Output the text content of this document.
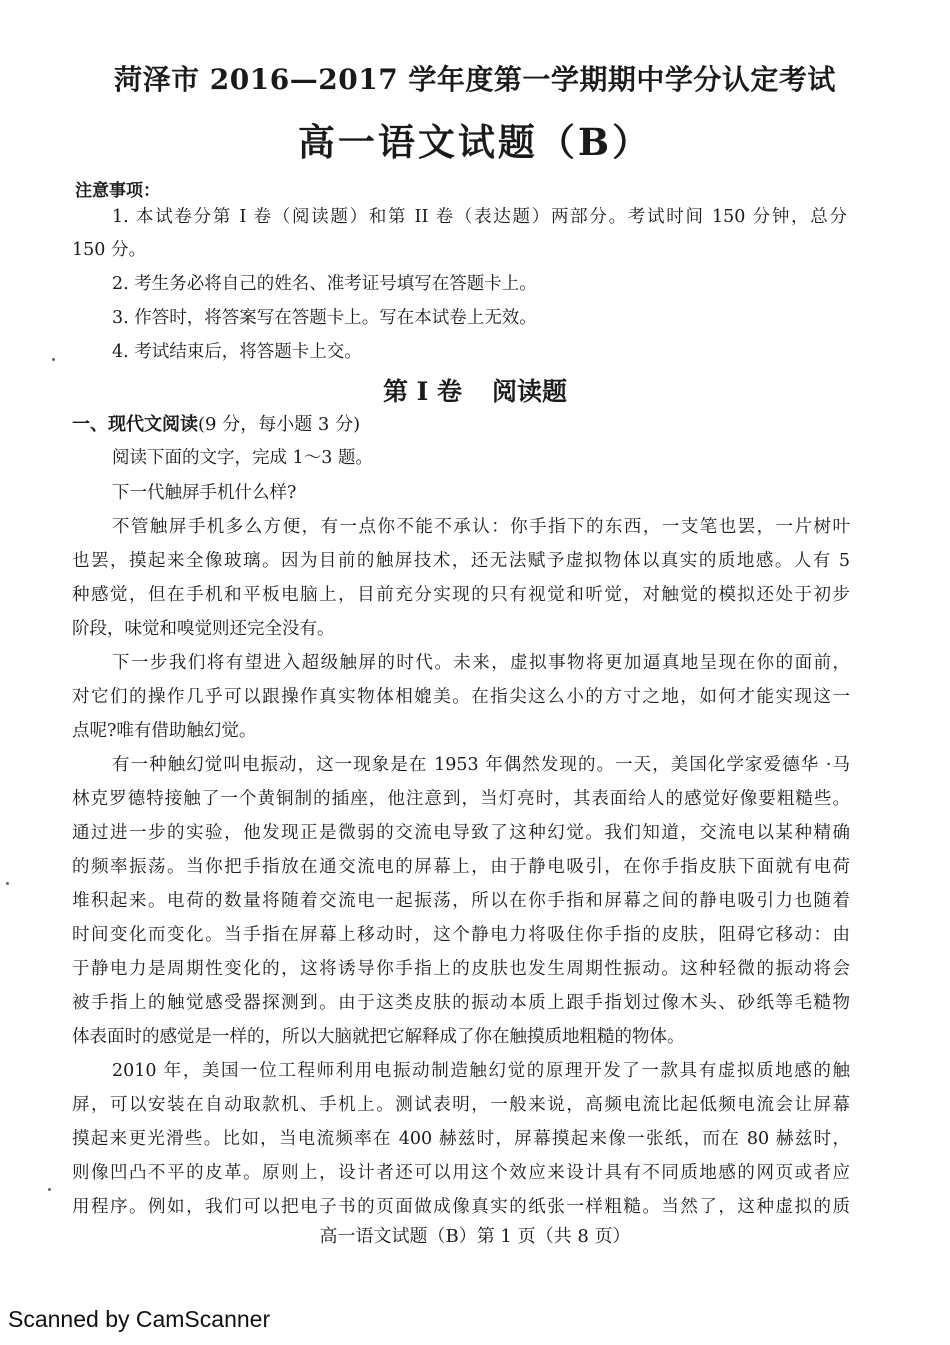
菏泽市 2016—2017 学年度第一学期期中学分认定考试
高一语文试题（B）
注意事项：
1. 本试卷分第 I 卷（阅读题）和第 II 卷（表达题）两部分。考试时间 150 分钟，总分
150 分。
2. 考生务必将自己的姓名、准考证号填写在答题卡上。
3. 作答时，将答案写在答题卡上。写在本试卷上无效。
4. 考试结束后，将答题卡上交。
第 I 卷 阅读题
一、现代文阅读(9 分，每小题 3 分)
阅读下面的文字，完成 1～3 题。
下一代触屏手机什么样?
不管触屏手机多么方便，有一点你不能不承认：你手指下的东西，一支笔也罢，一片树叶
也罢，摸起来全像玻璃。因为目前的触屏技术，还无法赋予虚拟物体以真实的质地感。人有 5
种感觉，但在手机和平板电脑上，目前充分实现的只有视觉和听觉，对触觉的模拟还处于初步
阶段，味觉和嗅觉则还完全没有。
下一步我们将有望进入超级触屏的时代。未来，虚拟事物将更加逼真地呈现在你的面前，
对它们的操作几乎可以跟操作真实物体相媲美。在指尖这么小的方寸之地，如何才能实现这一
点呢?唯有借助触幻觉。
有一种触幻觉叫电振动，这一现象是在 1953 年偶然发现的。一天，美国化学家爱德华 ·马
林克罗德特接触了一个黄铜制的插座，他注意到，当灯亮时，其表面给人的感觉好像要粗糙些。
通过进一步的实验，他发现正是微弱的交流电导致了这种幻觉。我们知道，交流电以某种精确
的频率振荡。当你把手指放在通交流电的屏幕上，由于静电吸引，在你手指皮肤下面就有电荷
堆积起来。电荷的数量将随着交流电一起振荡，所以在你手指和屏幕之间的静电吸引力也随着
时间变化而变化。当手指在屏幕上移动时，这个静电力将吸住你手指的皮肤，阻碍它移动：由
于静电力是周期性变化的，这将诱导你手指上的皮肤也发生周期性振动。这种轻微的振动将会
被手指上的触觉感受器探测到。由于这类皮肤的振动本质上跟手指划过像木头、砂纸等毛糙物
体表面时的感觉是一样的，所以大脑就把它解释成了你在触摸质地粗糙的物体。
2010 年，美国一位工程师利用电振动制造触幻觉的原理开发了一款具有虚拟质地感的触
屏，可以安装在自动取款机、手机上。测试表明，一般来说，高频电流比起低频电流会让屏幕
摸起来更光滑些。比如，当电流频率在 400 赫兹时，屏幕摸起来像一张纸，而在 80 赫兹时，
则像凹凸不平的皮革。原则上，设计者还可以用这个效应来设计具有不同质地感的网页或者应
用程序。例如，我们可以把电子书的页面做成像真实的纸张一样粗糙。当然了，这种虚拟的质
高一语文试题（B）第 1 页（共 8 页）
Scanned by CamScanner
